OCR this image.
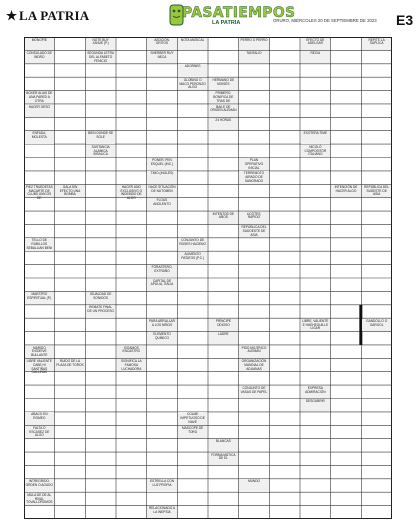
LA PATRIA	PASATIEMPOS
LA PATRIA	ORURO, MIÉRCOLES 20 DE SEPTIEMBRE DE 2023 E3
MONOPIE
CONSULADO DE INDRO
NOTE BUY JANUE (P.)
SEGUNDA LETRA DEL ALFABETO FENICIO
ASOCIÓN. GRITOS
SHERBER RUY NECA
NOTA MUSICAL	PERRO O PERRO
TANTALIO
EFECTO DE ADELGAR
RECIA
REPITE LA SÚPLICA
ADORNES
GLOBINO O MACO PERONZO ALGO
HERMANO DE MOISÉS
PRIMERO. BONIFICA DE TRAS DE
BOXER ALIAS DE UNA PARED A OTRA
HACER OESO	BAILE DE ORIGEN ALEMÁN
24 HORAS
ENFADA, MOLESTA
BIEN DONDE SE SOLE
SUSTANCIA ALAMICA BISALICA
EXOTERA TIME
NICOLÓ COMPOSITOR ITALIANO
PONER, PEN ESQUEL (INC.)
TIMO (INGLÉS)
PLAN OPERATIVO INICIAL
TERREMOTO AIRADO DE SANGRADO
PIEZ TRUEDETAS MACARTE DE CLUBS UNICOS DE
GALA SIN EFECTO UNA BOMBA
HACER UNO EXCLUSIVO O INDEBIDO DE ALGO
HACE SITUACIÓN DE NUTOMEN
FLOUS ANOLENTO
INTENCIÓN DE HACER ALGO
REPÚBLICA DEL SUDESTE DE ASIA
INTENTOS DE AÑOS
LICOTES, RAPIDO
REPÚBLICA DEL SUDOESTE DE ASIA
CONJUNTO DE ROSES HACIENO
ALIMENTO PATATOS (P.C.)
TELLO DE RUBILLOS SEBALLIAN BENI
FORASTERO, EXTRAÑO
CAPITAL DE APULIA, ITALIA
MAESTRO ESPIRITUAL (P.)
IGUALDAD DE SONIDOS
REMATE FINAL DE UN PROCESO
PARA ARRULLAR A LOS NIÑOS
ELEMENTO QUÍMICO
PRÍNCIPE ODIOSO
LADRE
LIBRE, VALIENTE E HUEHEGUILLE LIGAR
GANDOLLO O GARGOL
MARIDO EVÍDEIVE BULLANTE
LIBRE VALIENTE CABE HI SANTIÑAS GALLINAS
RUIDO DE LA PLAZA DE TOROS
SIGAMOS ENCASTRO
SIGNIFICA LA FAMOSA LUCHADORA
PIDO MILITRICO ALEMÁN
ORGANIZACIÓN MUNDIAL DE ADUANAS
CONJUNTO DE VASAS DE PAPEL
EXPRESA ADMIRACIÓN
DESGUBRIR
ABACO EN ROMEO
FALTA O ESCASEZ DE ALGO
COLME IMPETUOSO DE NAVE
MASCOPE DE TORO
BLANCAS
FORMA MÁTICA DE EL
INTREGRIDO. ORDEN O AGUDO
MULA DE DE AL RIVAL TOVALLOROMOS
ESTRELLA CON LUZ PROPIA
MUNDO
RELACIONADO A LA INEPSIA
